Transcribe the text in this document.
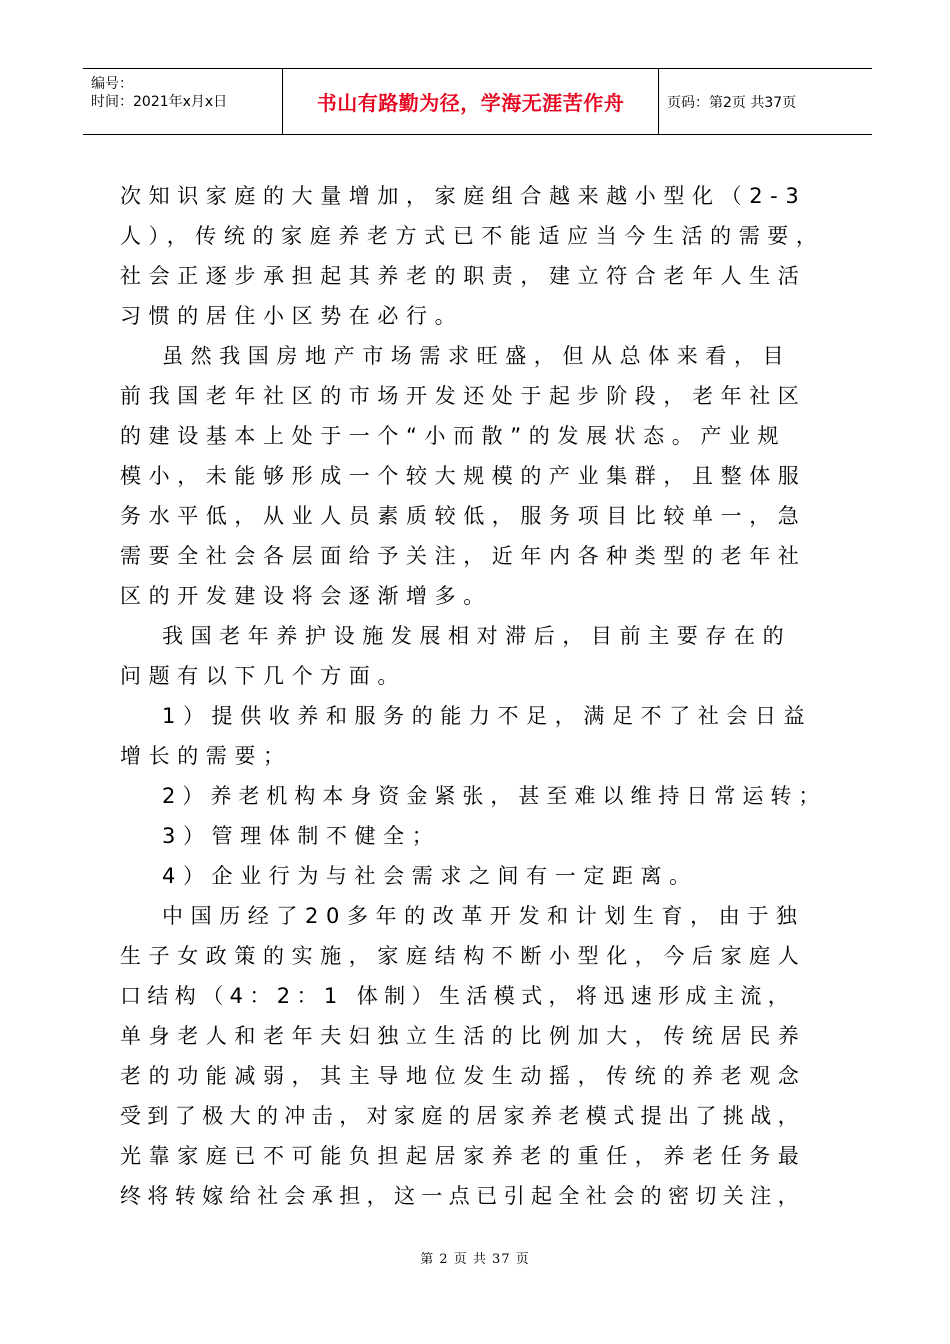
编号：
时间：2021年x月x日	书山有路勤为径，学海无涯苦作舟	页码：第2页 共37页
次知识家庭的大量增加，家庭组合越来越小型化（2-3
人），传统的家庭养老方式已不能适应当今生活的需要，
社会正逐步承担起其养老的职责，建立符合老年人生活
习惯的居住小区势在必行。
虽然我国房地产市场需求旺盛，但从总体来看，目
前我国老年社区的市场开发还处于起步阶段，老年社区
的建设基本上处于一个“小而散”的发展状态。产业规
模小，未能够形成一个较大规模的产业集群，且整体服
务水平低，从业人员素质较低，服务项目比较单一，急
需要全社会各层面给予关注，近年内各种类型的老年社
区的开发建设将会逐渐增多。
我国老年养护设施发展相对滞后，目前主要存在的
问题有以下几个方面。
1）提供收养和服务的能力不足，满足不了社会日益
增长的需要；
2）养老机构本身资金紧张，甚至难以维持日常运转；
3）管理体制不健全；
4）企业行为与社会需求之间有一定距离。
中国历经了20多年的改革开发和计划生育，由于独
生子女政策的实施，家庭结构不断小型化，今后家庭人
口结构（4：2：1 体制）生活模式，将迅速形成主流，
单身老人和老年夫妇独立生活的比例加大，传统居民养
老的功能减弱，其主导地位发生动摇，传统的养老观念
受到了极大的冲击，对家庭的居家养老模式提出了挑战，
光靠家庭已不可能负担起居家养老的重任，养老任务最
终将转嫁给社会承担，这一点已引起全社会的密切关注，
第 2 页 共 37 页
